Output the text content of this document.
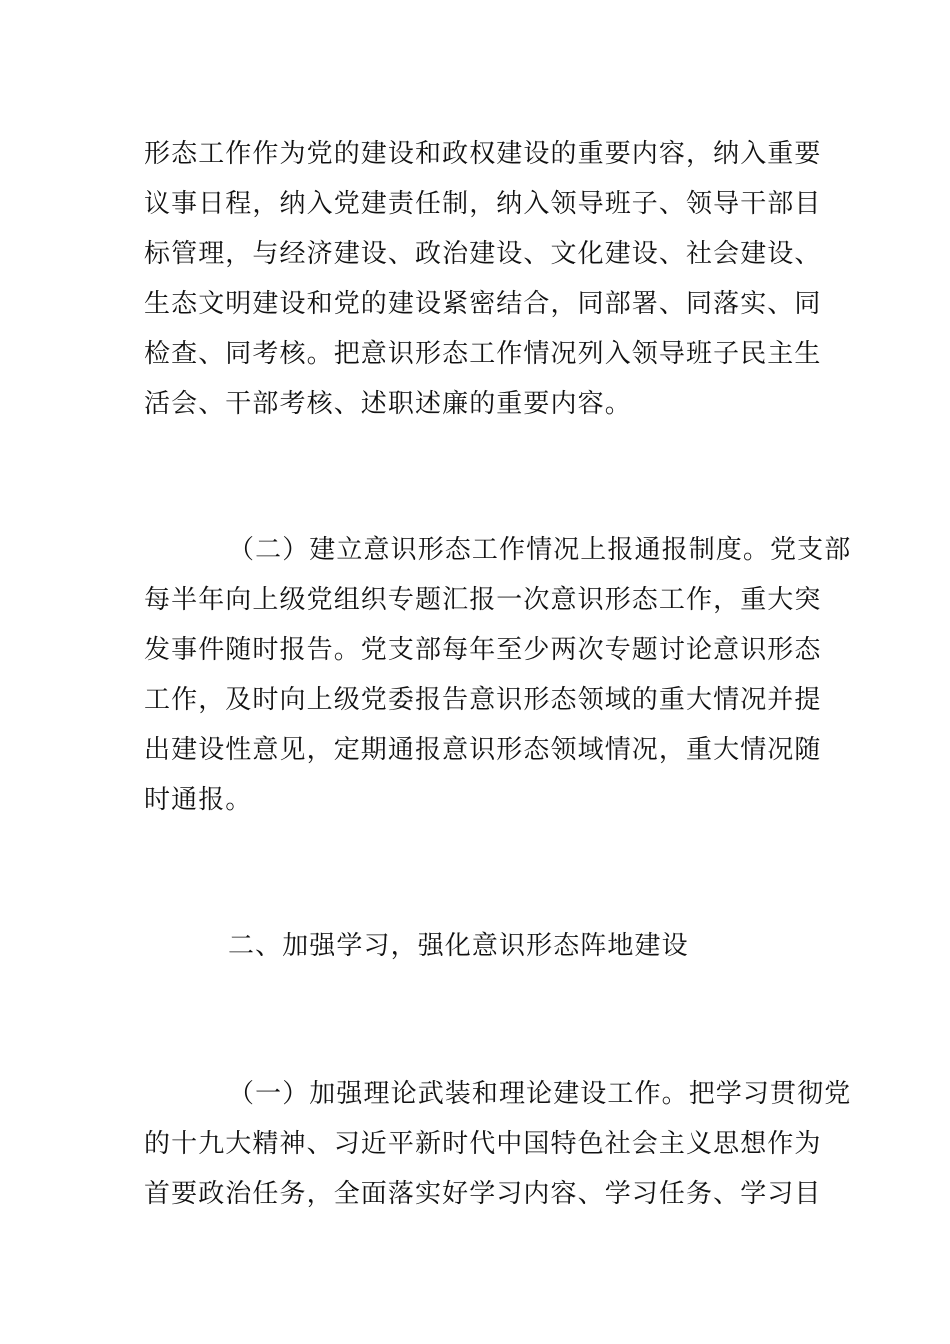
形态工作作为党的建设和政权建设的重要内容，纳入重要
议事日程，纳入党建责任制，纳入领导班子、领导干部目
标管理，与经济建设、政治建设、文化建设、社会建设、
生态文明建设和党的建设紧密结合，同部署、同落实、同
检查、同考核。把意识形态工作情况列入领导班子民主生
活会、干部考核、述职述廉的重要内容。
（二）建立意识形态工作情况上报通报制度。党支部
每半年向上级党组织专题汇报一次意识形态工作，重大突
发事件随时报告。党支部每年至少两次专题讨论意识形态
工作，及时向上级党委报告意识形态领域的重大情况并提
出建设性意见，定期通报意识形态领域情况，重大情况随
时通报。
二、加强学习，强化意识形态阵地建设
（一）加强理论武装和理论建设工作。把学习贯彻党
的十九大精神、习近平新时代中国特色社会主义思想作为
首要政治任务，全面落实好学习内容、学习任务、学习目
